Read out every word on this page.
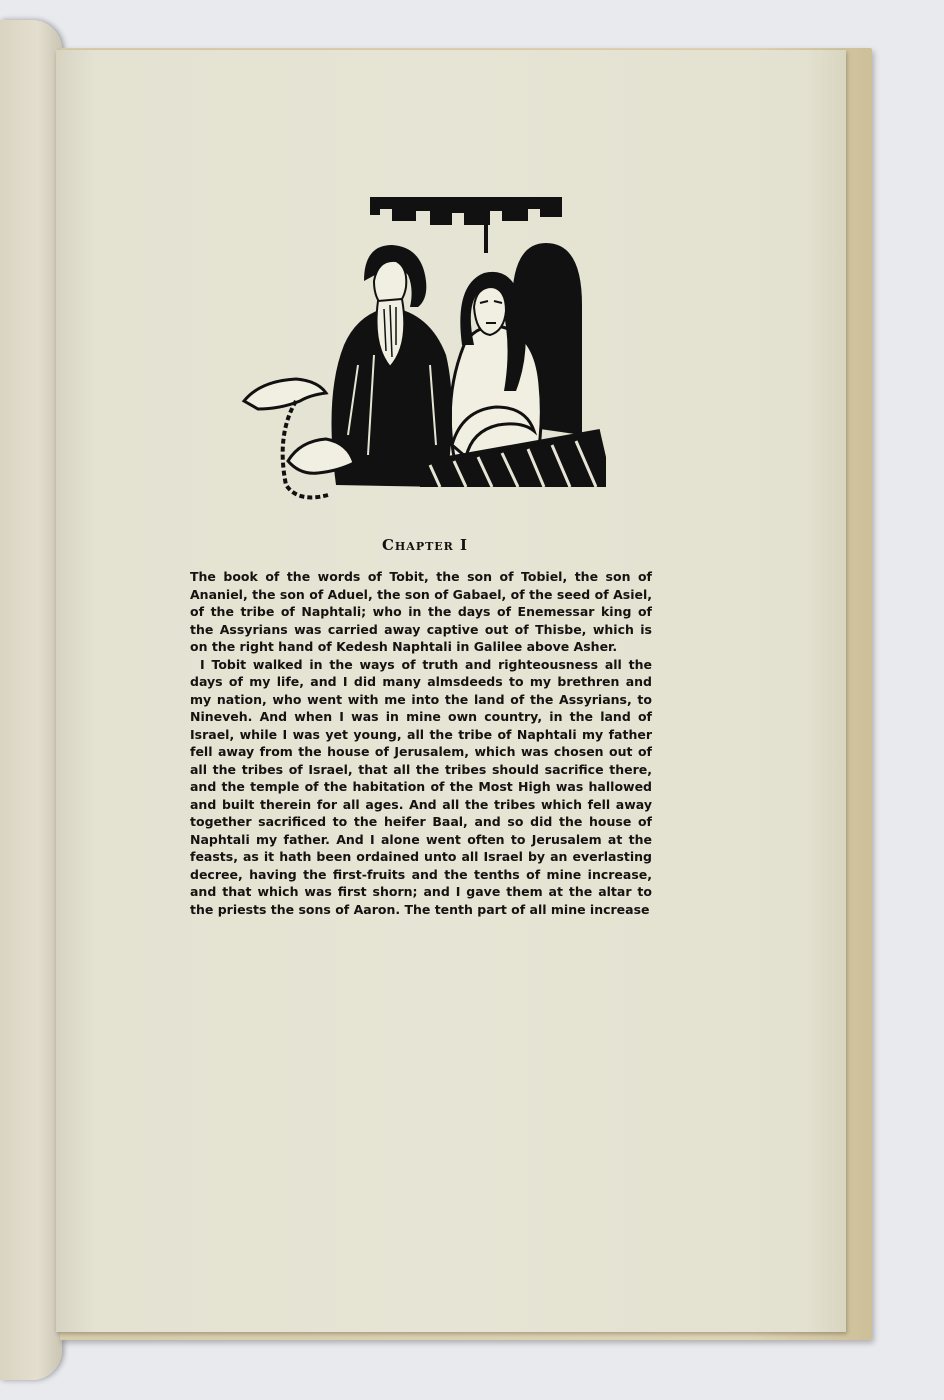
Chapter I

The book of the words of Tobit, the son of Tobiel, the son of Ananiel, the son of Aduel, the son of Gabael, of the seed of Asiel, of the tribe of Naphtali; who in the days of Enemessar king of the Assyrians was carried away captive out of Thisbe, which is on the right hand of Kedesh Naphtali in Galilee above Asher.

I Tobit walked in the ways of truth and righteousness all the days of my life, and I did many almsdeeds to my brethren and my nation, who went with me into the land of the Assyrians, to Nineveh. And when I was in mine own country, in the land of Israel, while I was yet young, all the tribe of Naphtali my father fell away from the house of Jerusalem, which was chosen out of all the tribes of Israel, that all the tribes should sacrifice there, and the temple of the habitation of the Most High was hallowed and built therein for all ages. And all the tribes which fell away together sacrificed to the heifer Baal, and so did the house of Naphtali my father. And I alone went often to Jerusalem at the feasts, as it hath been ordained unto all Israel by an everlasting decree, having the first-fruits and the tenths of mine increase, and that which was first shorn; and I gave them at the altar to the priests the sons of Aaron. The tenth part of all mine increase
